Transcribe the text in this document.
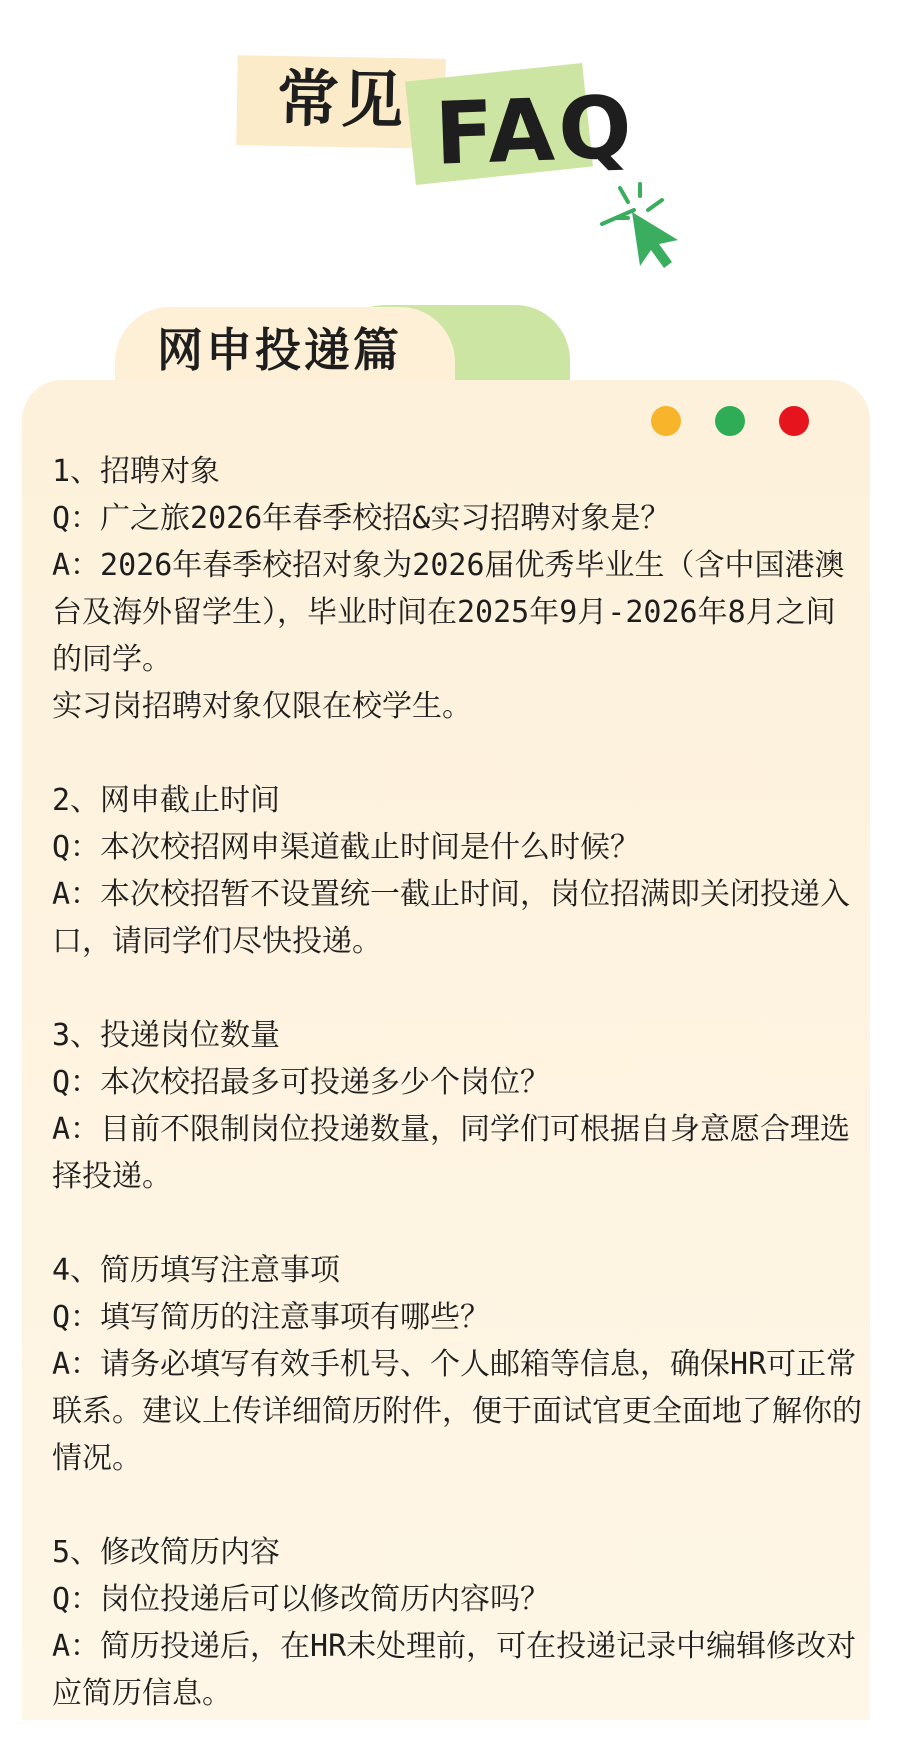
常见 FAQ
网申投递篇

1、招聘对象

Q：广之旅2026年春季校招&实习招聘对象是？

A：2026年春季校招对象为2026届优秀毕业生（含中国港澳台及海外留学生），毕业时间在2025年9月-2026年8月之间的同学。

实习岗招聘对象仅限在校学生。

2、网申截止时间

Q：本次校招网申渠道截止时间是什么时候？

A：本次校招暂不设置统一截止时间，岗位招满即关闭投递入口，请同学们尽快投递。

3、投递岗位数量

Q：本次校招最多可投递多少个岗位？

A：目前不限制岗位投递数量，同学们可根据自身意愿合理选择投递。

4、简历填写注意事项

Q：填写简历的注意事项有哪些？

A：请务必填写有效手机号、个人邮箱等信息，确保HR可正常联系。建议上传详细简历附件，便于面试官更全面地了解你的情况。

5、修改简历内容

Q：岗位投递后可以修改简历内容吗？

A：简历投递后，在HR未处理前，可在投递记录中编辑修改对应简历信息。
